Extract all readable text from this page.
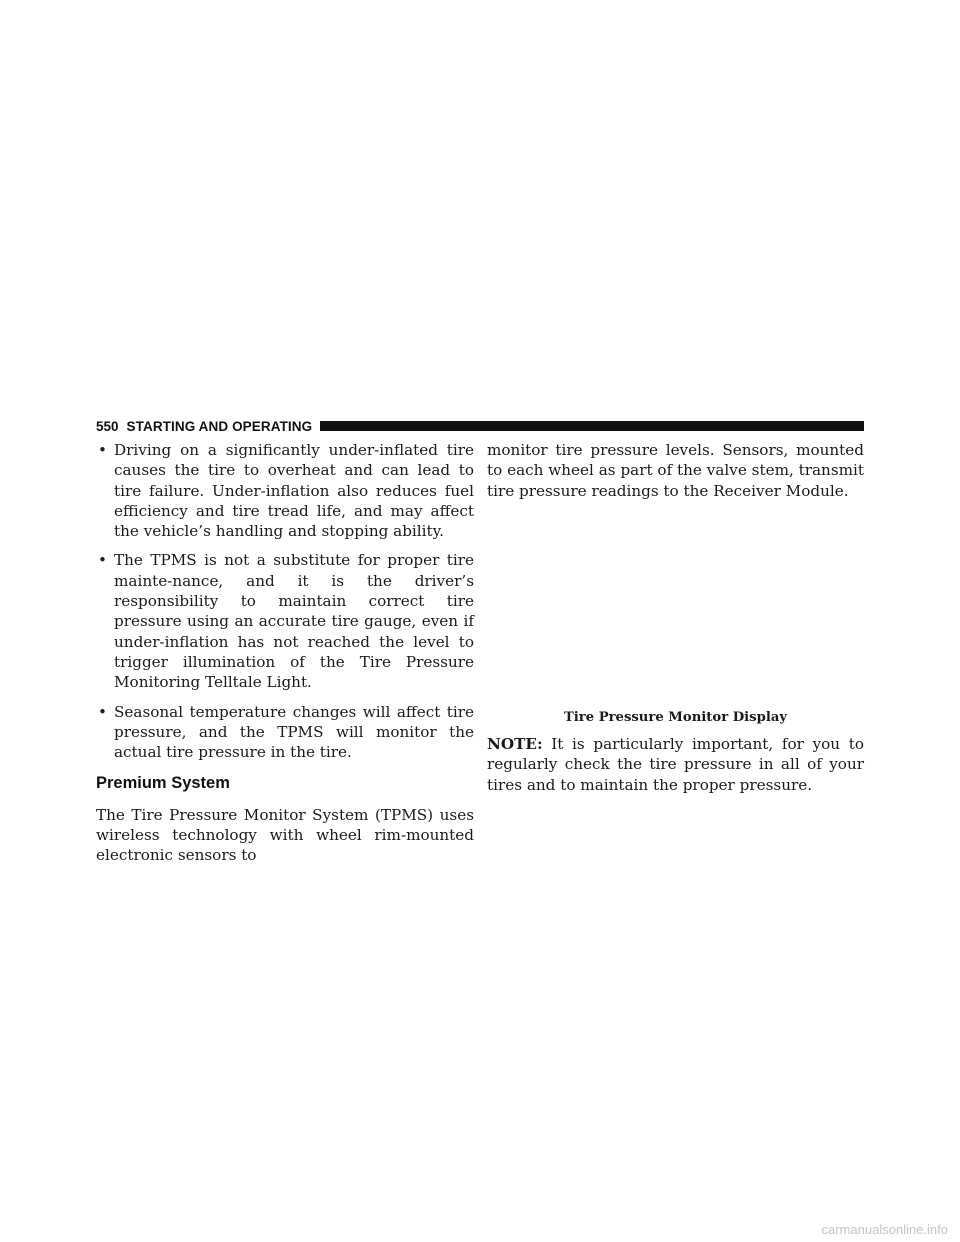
550 STARTING AND OPERATING

• Driving on a significantly under-inflated tire causes the tire to overheat and can lead to tire failure. Under-inflation also reduces fuel efficiency and tire tread life, and may affect the vehicle’s handling and stopping ability.

• The TPMS is not a substitute for proper tire mainte-nance, and it is the driver’s responsibility to maintain correct tire pressure using an accurate tire gauge, even if under-inflation has not reached the level to trigger illumination of the Tire Pressure Monitoring Telltale Light.

• Seasonal temperature changes will affect tire pressure, and the TPMS will monitor the actual tire pressure in the tire.

Premium System

The Tire Pressure Monitor System (TPMS) uses wireless technology with wheel rim-mounted electronic sensors to

monitor tire pressure levels. Sensors, mounted to each wheel as part of the valve stem, transmit tire pressure readings to the Receiver Module.

Tire Pressure Monitor Display

NOTE: It is particularly important, for you to regularly check the tire pressure in all of your tires and to maintain the proper pressure.

carmanualsonline.info
